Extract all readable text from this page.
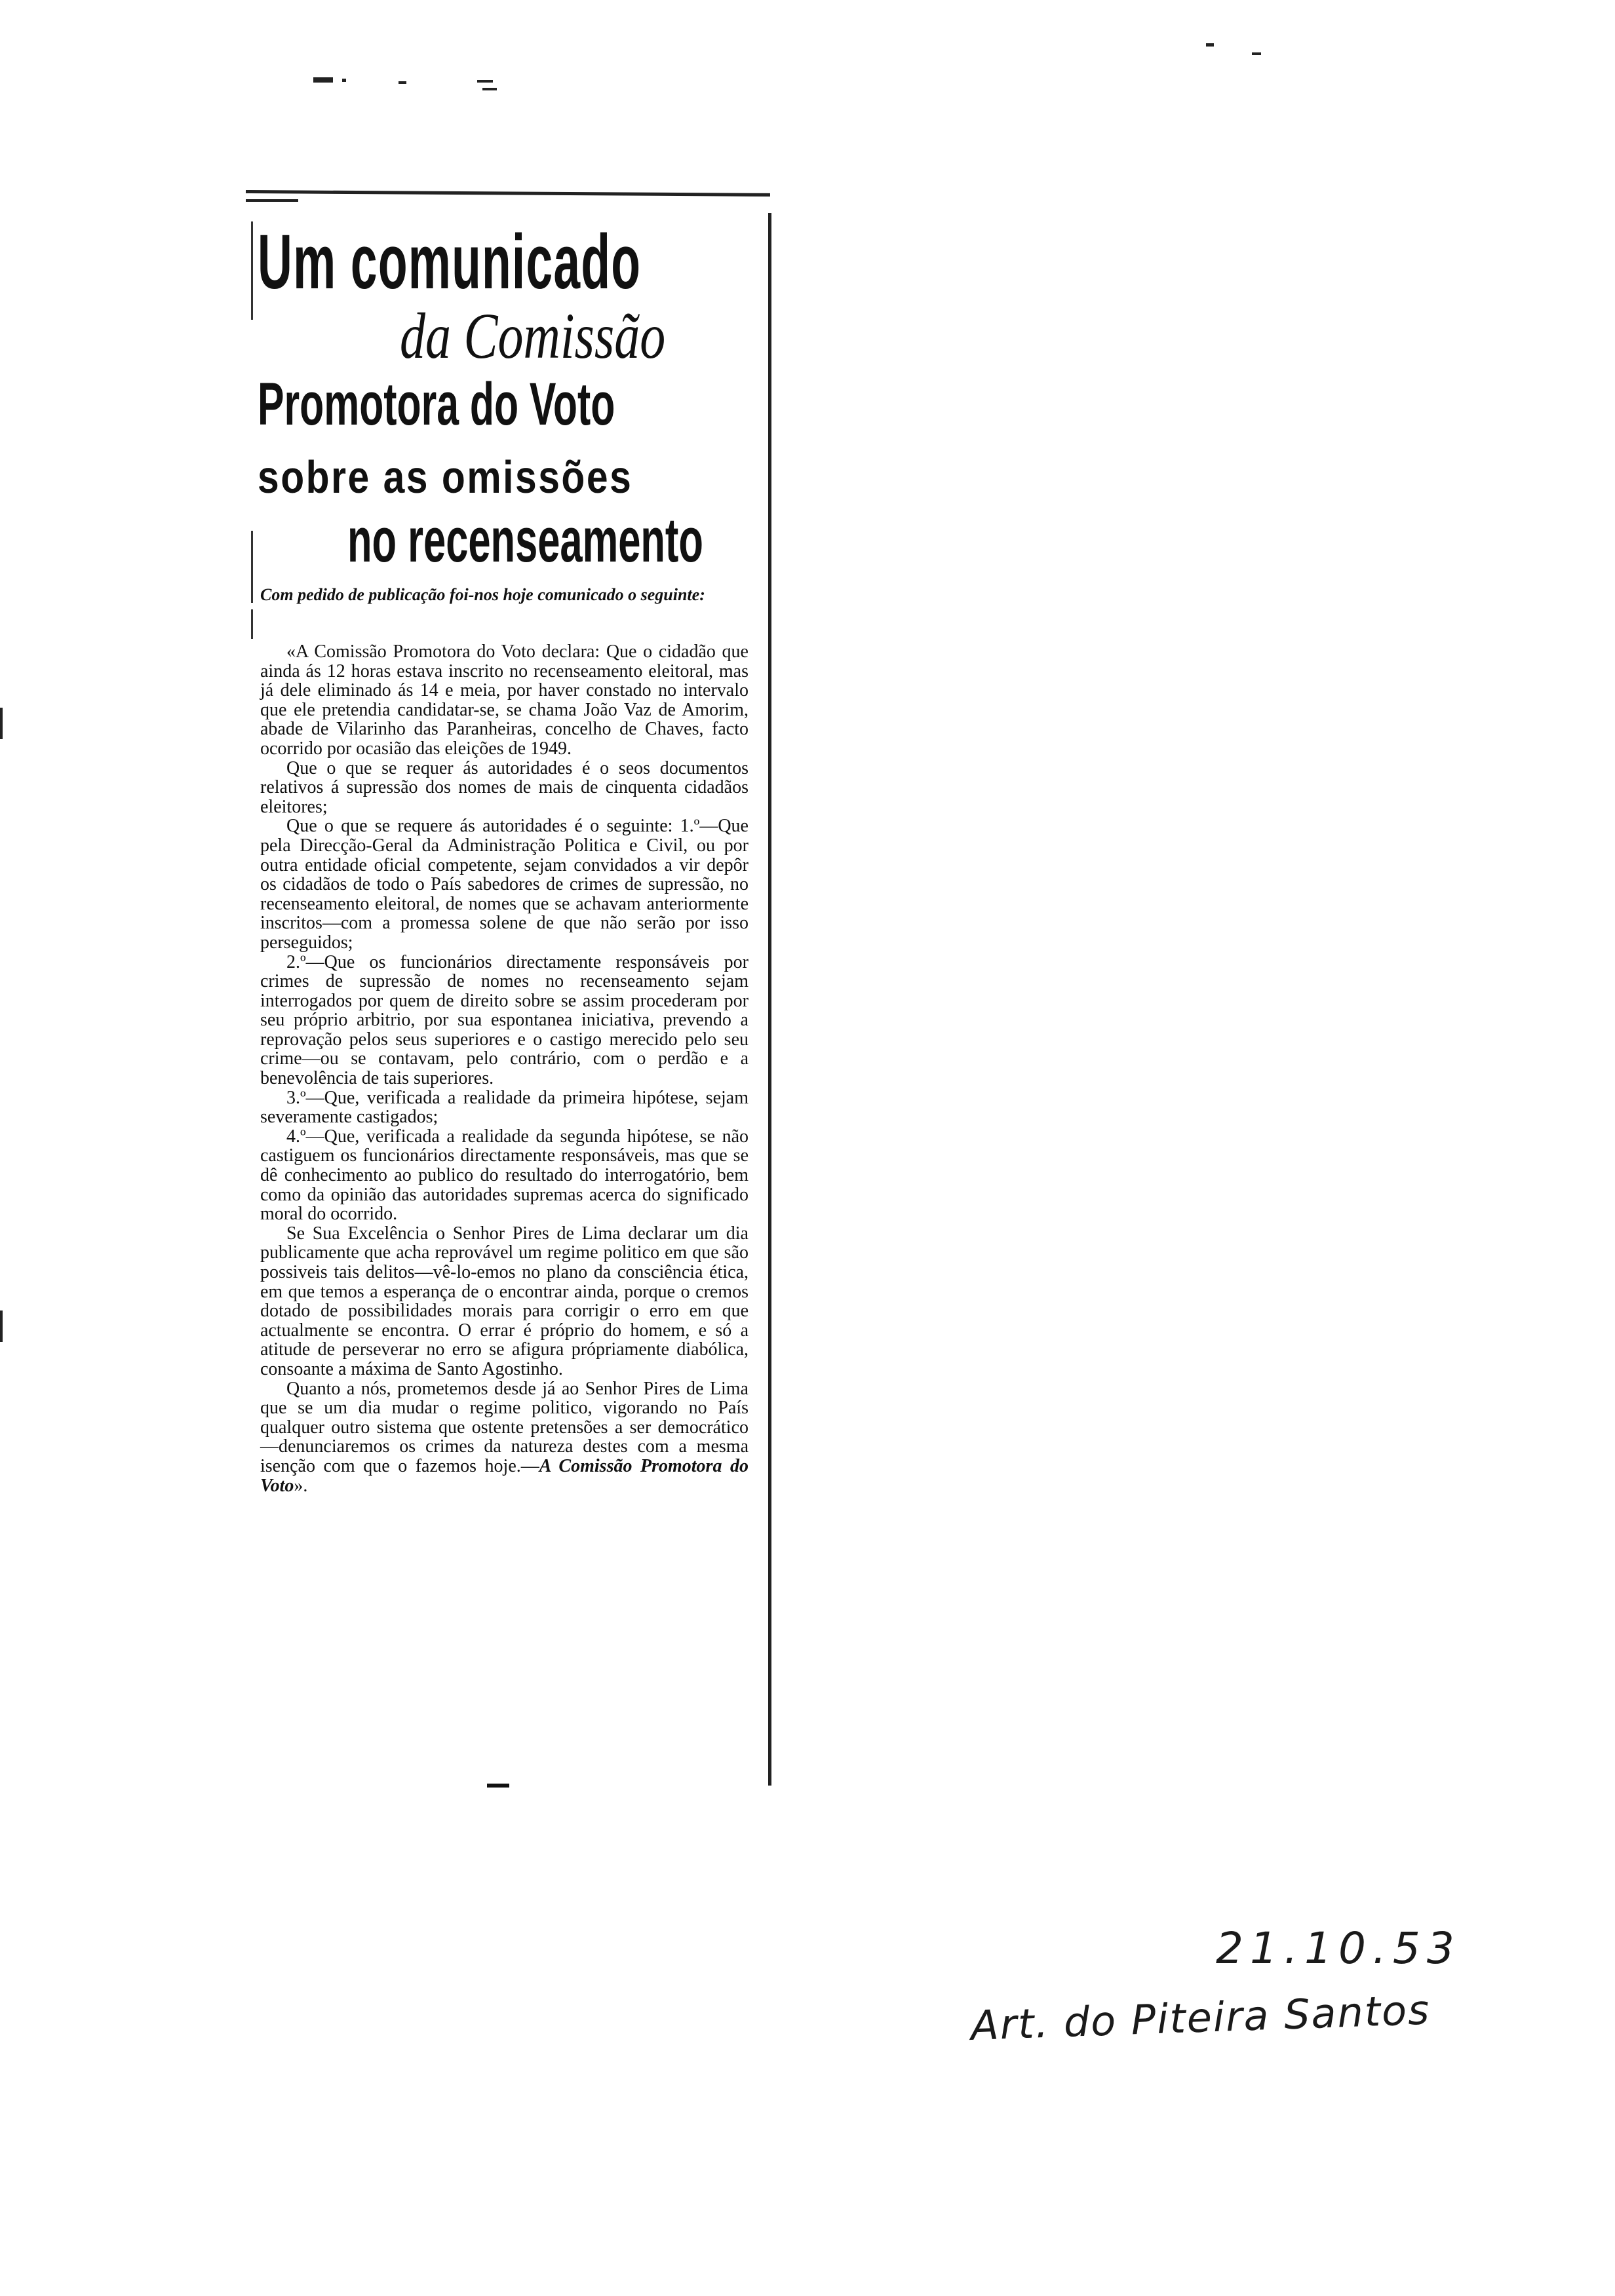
Um comunicado
da Comissão
Promotora do Voto
sobre as omissões
no recenseamento

Com pedido de publicação foi-nos hoje comunicado o seguinte:

«A Comissão Promotora do Voto declara: Que o cidadão que ainda ás 12 horas estava inscrito no recenseamento eleitoral, mas já dele eliminado ás 14 e meia, por haver constado no intervalo que ele pretendia candidatar-se, se chama João Vaz de Amorim, abade de Vilarinho das Paranheiras, concelho de Chaves, facto ocorrido por ocasião das eleições de 1949.

Que o que se requer ás autoridades é o seos documentos relativos á supressão dos nomes de mais de cinquenta cidadãos eleitores;

Que o que se requere ás autoridades é o seguinte: 1.º—Que pela Direcção-Geral da Administração Politica e Civil, ou por outra entidade oficial competente, sejam convidados a vir depôr os cidadãos de todo o País sabedores de crimes de supressão, no recenseamento eleitoral, de nomes que se achavam anteriormente inscritos—com a promessa solene de que não serão por isso perseguidos;

2.º—Que os funcionários directamente responsáveis por crimes de supressão de nomes no recenseamento sejam interrogados por quem de direito sobre se assim procederam por seu próprio arbitrio, por sua espontanea iniciativa, prevendo a reprovação pelos seus superiores e o castigo merecido pelo seu crime—ou se contavam, pelo contrário, com o perdão e a benevolência de tais superiores.

3.º—Que, verificada a realidade da primeira hipótese, sejam severamente castigados;

4.º—Que, verificada a realidade da segunda hipótese, se não castiguem os funcionários directamente responsáveis, mas que se dê conhecimento ao publico do resultado do interrogatório, bem como da opinião das autoridades supremas acerca do significado moral do ocorrido.

Se Sua Excelência o Senhor Pires de Lima declarar um dia publicamente que acha reprovável um regime politico em que são possiveis tais delitos—vê-lo-emos no plano da consciência ética, em que temos a esperança de o encontrar ainda, porque o cremos dotado de possibilidades morais para corrigir o erro em que actualmente se encontra. O errar é próprio do homem, e só a atitude de perseverar no erro se afigura própriamente diabólica, consoante a máxima de Santo Agostinho.

Quanto a nós, prometemos desde já ao Senhor Pires de Lima que se um dia mudar o regime politico, vigorando no País qualquer outro sistema que ostente pretensões a ser democrático—denunciaremos os crimes da natureza destes com a mesma isenção com que o fazemos hoje.—A Comissão Promotora do Voto».

21.10.53

Art. do Piteira Santos
